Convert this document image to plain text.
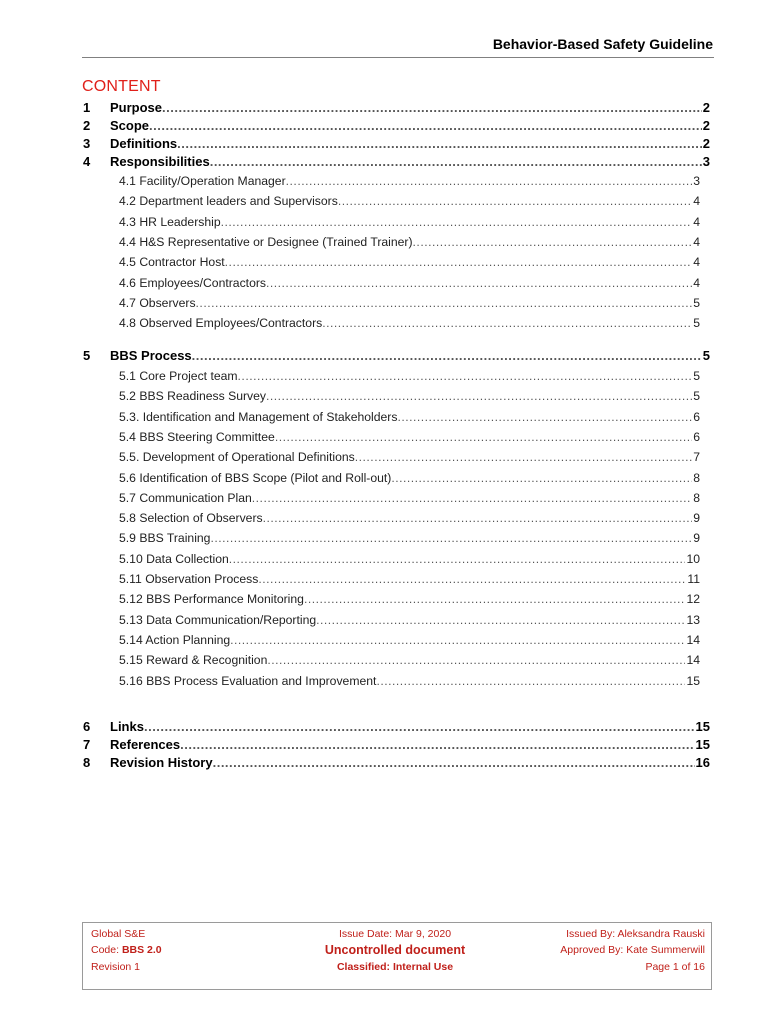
Behavior-Based Safety Guideline
CONTENT
1 Purpose .....	2
2 Scope .....	2
3 Definitions .....	2
4 Responsibilities .....	3
4.1 Facility/Operation Manager .....	3
4.2 Department leaders and Supervisors .....	4
4.3 HR Leadership .....	4
4.4 H&S Representative or Designee (Trained Trainer) .....	4
4.5 Contractor Host .....	4
4.6 Employees/Contractors .....	4
4.7 Observers .....	5
4.8 Observed Employees/Contractors .....	5
5 BBS Process .....	5
5.1 Core Project team .....	5
5.2 BBS Readiness Survey .....	5
5.3. Identification and Management of Stakeholders .....	6
5.4 BBS Steering Committee .....	6
5.5. Development of Operational Definitions .....	7
5.6 Identification of BBS Scope (Pilot and Roll-out) .....	8
5.7 Communication Plan .....	8
5.8 Selection of Observers .....	9
5.9 BBS Training .....	9
5.10 Data Collection .....	10
5.11 Observation Process .....	11
5.12 BBS Performance Monitoring .....	12
5.13 Data Communication/Reporting .....	13
5.14 Action Planning .....	14
5.15 Reward & Recognition .....	14
5.16 BBS Process Evaluation and Improvement .....	15
6 Links .....	15
7 References .....	15
8 Revision History .....	16
Global S&E
Code: BBS 2.0
Revision 1
Issue Date: Mar 9, 2020
Uncontrolled document
Classified: Internal Use
Issued By: Aleksandra Rauski
Approved By: Kate Summerwill
Page 1 of 16
